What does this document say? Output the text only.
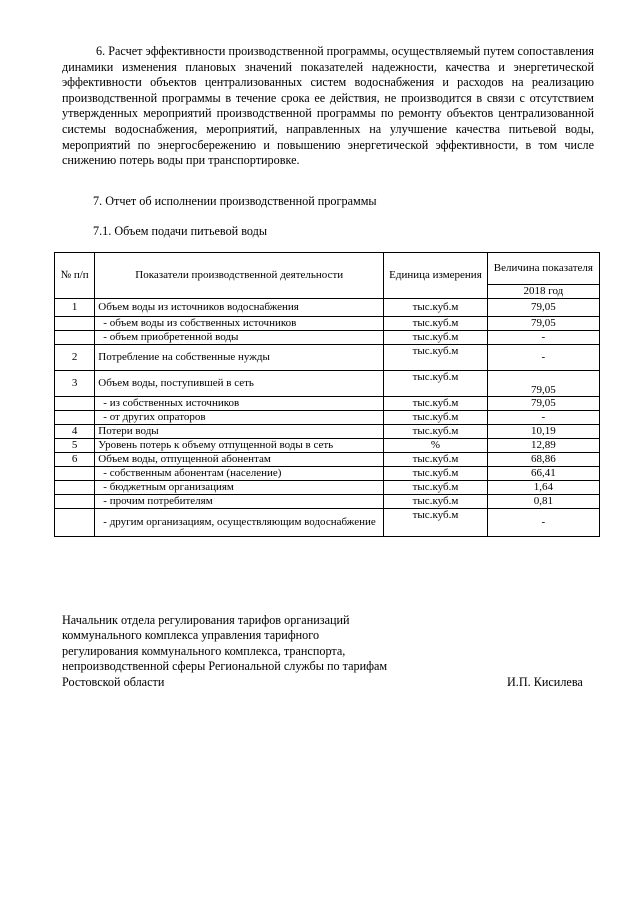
6. Расчет эффективности производственной программы, осуществляемый путем сопоставления динамики изменения плановых значений показателей надежности, качества и энергетической эффективности объектов централизованных систем водоснабжения и расходов на реализацию производственной программы в течение срока ее действия, не производится в связи с отсутствием утвержденных мероприятий производственной программы по ремонту объектов централизованной системы водоснабжения, мероприятий, направленных на улучшение качества питьевой воды, мероприятий по энергосбережению и повышению энергетической эффективности, в том числе снижению потерь воды при транспортировке.

7. Отчет об исполнении производственной программы

7.1. Объем подачи питьевой воды

№ п/п	Показатели производственной деятельности	Единица измерения	Величина показателя
			2018 год
1	Объем воды из источников водоснабжения	тыс.куб.м	79,05
	- объем воды из собственных источников	тыс.куб.м	79,05
	- объем приобретенной воды	тыс.куб.м	-
2	Потребление на собственные нужды	тыс.куб.м	-
3	Объем воды, поступившей в сеть	тыс.куб.м	79,05
	- из собственных источников	тыс.куб.м	79,05
	- от других опраторов	тыс.куб.м	-
4	Потери воды	тыс.куб.м	10,19
5	Уровень потерь к объему отпущенной воды в сеть	%	12,89
6	Объем воды, отпущенной абонентам	тыс.куб.м	68,86
	- собственным абонентам (население)	тыс.куб.м	66,41
	- бюджетным организациям	тыс.куб.м	1,64
	- прочим потребителям	тыс.куб.м	0,81
	- другим организациям, осуществляющим водоснабжение	тыс.куб.м	-

Начальник отдела регулирования тарифов организаций коммунального комплекса управления тарифного регулирования коммунального комплекса, транспорта, непроизводственной сферы Региональной службы по тарифам Ростовской области	И.П. Кисилева
